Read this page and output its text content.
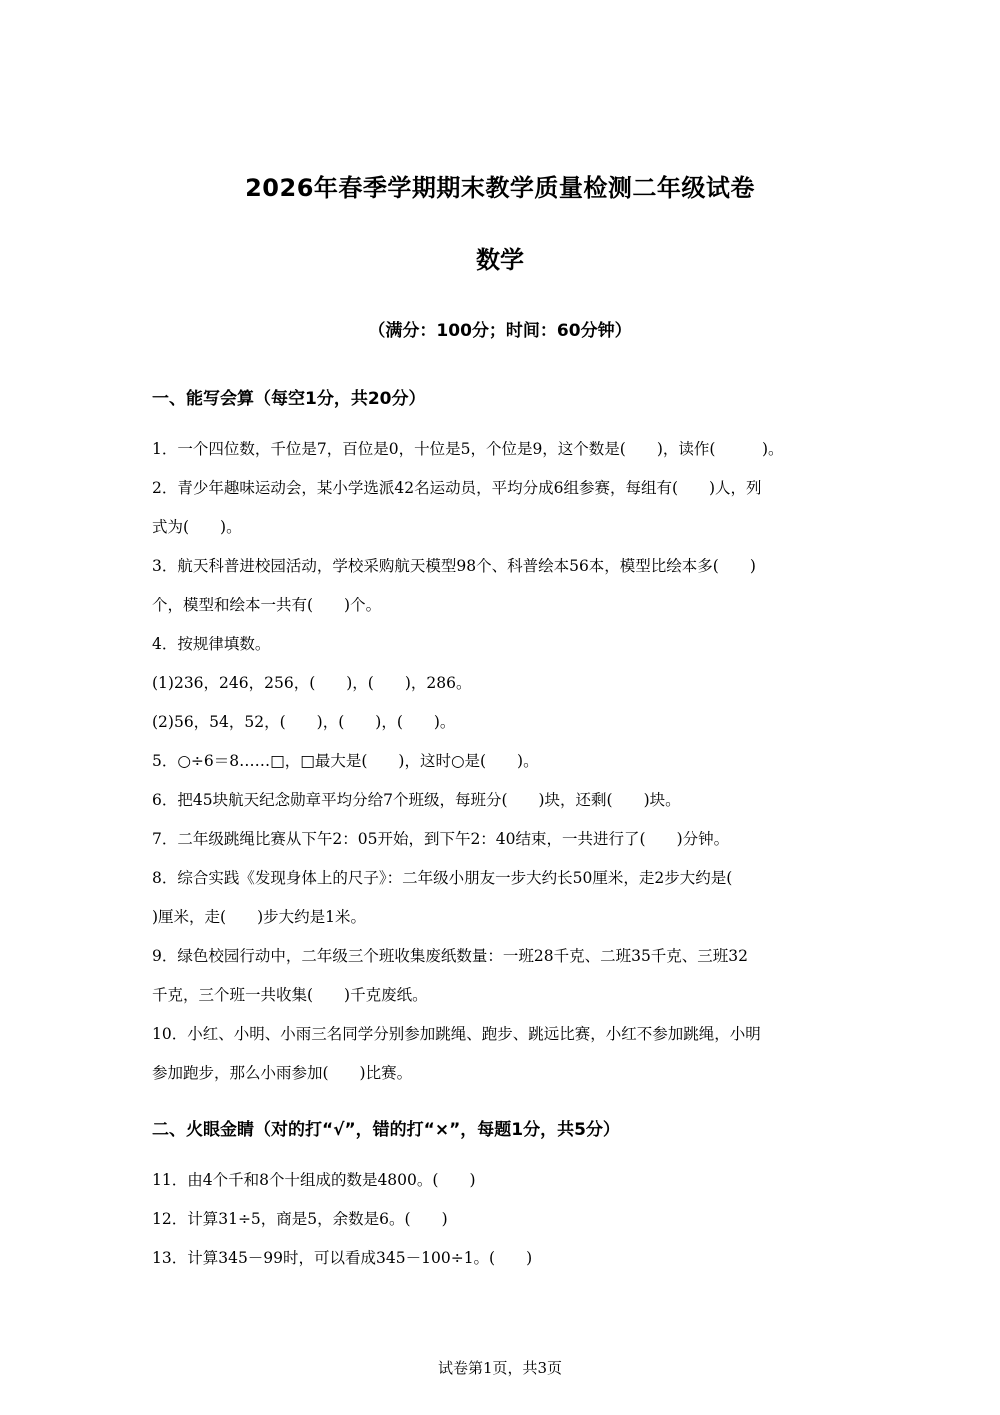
2026年春季学期期末教学质量检测二年级试卷
数学
（满分：100分；时间：60分钟）
一、能写会算（每空1分，共20分）
1．一个四位数，千位是7，百位是0，十位是5，个位是9，这个数是(　　)，读作(　　　)。
2．青少年趣味运动会，某小学选派42名运动员，平均分成6组参赛，每组有(　　)人，列
式为(　　)。
3．航天科普进校园活动，学校采购航天模型98个、科普绘本56本，模型比绘本多(　　)
个，模型和绘本一共有(　　)个。
4．按规律填数。
(1)236，246，256，(　　)，(　　)，286。
(2)56，54，52，(　　)，(　　)，(　　)。
5．○÷6＝8……□，□最大是(　　)，这时○是(　　)。
6．把45块航天纪念勋章平均分给7个班级，每班分(　　)块，还剩(　　)块。
7．二年级跳绳比赛从下午2：05开始，到下午2：40结束，一共进行了(　　)分钟。
8．综合实践《发现身体上的尺子》：二年级小朋友一步大约长50厘米，走2步大约是(
)厘米，走(　　)步大约是1米。
9．绿色校园行动中，二年级三个班收集废纸数量：一班28千克、二班35千克、三班32
千克，三个班一共收集(　　)千克废纸。
10．小红、小明、小雨三名同学分别参加跳绳、跑步、跳远比赛，小红不参加跳绳，小明
参加跑步，那么小雨参加(　　)比赛。
二、火眼金睛（对的打“√”，错的打“×”，每题1分，共5分）
11．由4个千和8个十组成的数是4800。(　　)
12．计算31÷5，商是5，余数是6。(　　)
13．计算345－99时，可以看成345－100÷1。(　　)
试卷第1页，共3页
